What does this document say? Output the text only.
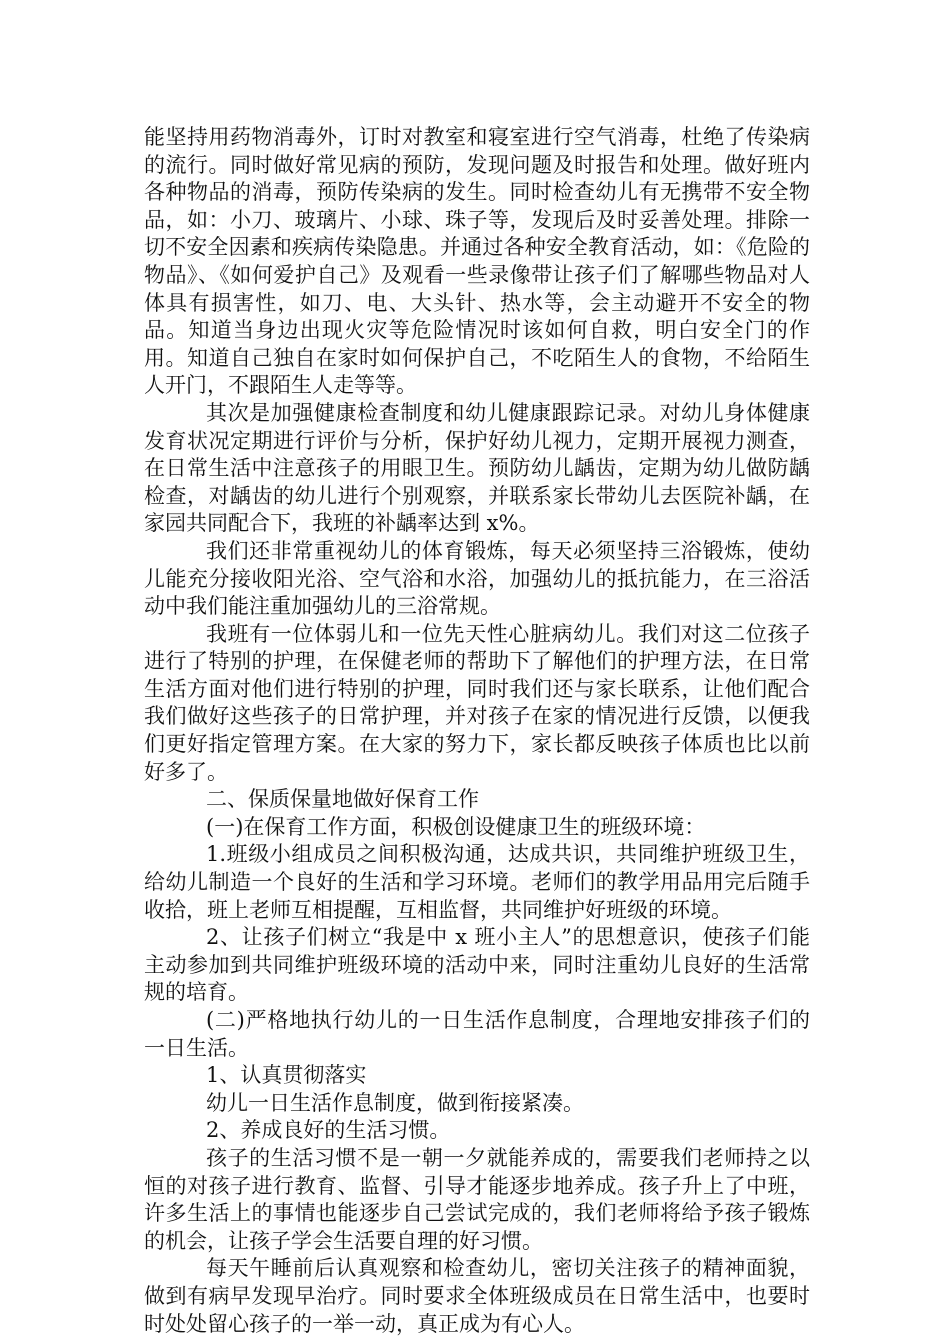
能坚持用药物消毒外，订时对教室和寝室进行空气消毒，杜绝了传染病的流行。同时做好常见病的预防，发现问题及时报告和处理。做好班内各种物品的消毒，预防传染病的发生。同时检查幼儿有无携带不安全物品，如：小刀、玻璃片、小球、珠子等，发现后及时妥善处理。排除一切不安全因素和疾病传染隐患。并通过各种安全教育活动，如：《危险的物品》、《如何爱护自己》及观看一些录像带让孩子们了解哪些物品对人体具有损害性，如刀、电、大头针、热水等，会主动避开不安全的物品。知道当身边出现火灾等危险情况时该如何自救，明白安全门的作用。知道自己独自在家时如何保护自己，不吃陌生人的食物，不给陌生人开门，不跟陌生人走等等。

其次是加强健康检查制度和幼儿健康跟踪记录。对幼儿身体健康发育状况定期进行评价与分析，保护好幼儿视力，定期开展视力测查，在日常生活中注意孩子的用眼卫生。预防幼儿龋齿，定期为幼儿做防龋检查，对龋齿的幼儿进行个别观察，并联系家长带幼儿去医院补龋，在家园共同配合下，我班的补龋率达到 x%。

我们还非常重视幼儿的体育锻炼，每天必须坚持三浴锻炼，使幼儿能充分接收阳光浴、空气浴和水浴，加强幼儿的抵抗能力，在三浴活动中我们能注重加强幼儿的三浴常规。

我班有一位体弱儿和一位先天性心脏病幼儿。我们对这二位孩子进行了特别的护理，在保健老师的帮助下了解他们的护理方法，在日常生活方面对他们进行特别的护理，同时我们还与家长联系，让他们配合我们做好这些孩子的日常护理，并对孩子在家的情况进行反馈，以便我们更好指定管理方案。在大家的努力下，家长都反映孩子体质也比以前好多了。

二、保质保量地做好保育工作

(一)在保育工作方面，积极创设健康卫生的班级环境：

1.班级小组成员之间积极沟通，达成共识，共同维护班级卫生，给幼儿制造一个良好的生活和学习环境。老师们的教学用品用完后随手收拾，班上老师互相提醒，互相监督，共同维护好班级的环境。

2、让孩子们树立“我是中 x 班小主人”的思想意识，使孩子们能主动参加到共同维护班级环境的活动中来，同时注重幼儿良好的生活常规的培育。

(二)严格地执行幼儿的一日生活作息制度，合理地安排孩子们的一日生活。

1、认真贯彻落实

幼儿一日生活作息制度，做到衔接紧凑。

2、养成良好的生活习惯。

孩子的生活习惯不是一朝一夕就能养成的，需要我们老师持之以恒的对孩子进行教育、监督、引导才能逐步地养成。孩子升上了中班，许多生活上的事情也能逐步自己尝试完成的，我们老师将给予孩子锻炼的机会，让孩子学会生活要自理的好习惯。

每天午睡前后认真观察和检查幼儿，密切关注孩子的精神面貌，做到有病早发现早治疗。同时要求全体班级成员在日常生活中，也要时时处处留心孩子的一举一动，真正成为有心人。
